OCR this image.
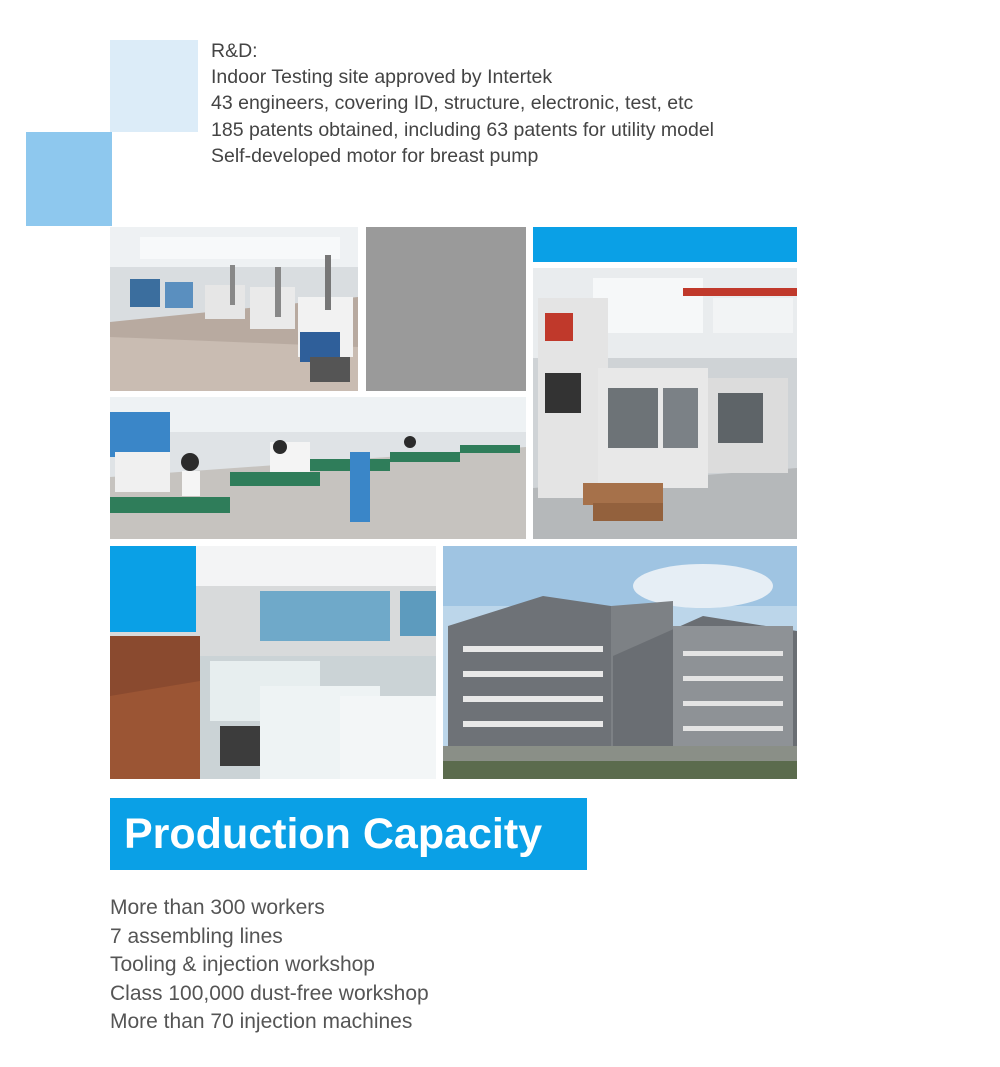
R&D:
Indoor Testing site approved by Intertek
43 engineers, covering ID, structure, electronic, test, etc
185 patents obtained, including 63 patents for utility model
Self-developed motor for breast pump
Production Capacity
More than 300 workers
7 assembling lines
Tooling & injection workshop
Class 100,000 dust-free workshop
More than 70 injection machines
